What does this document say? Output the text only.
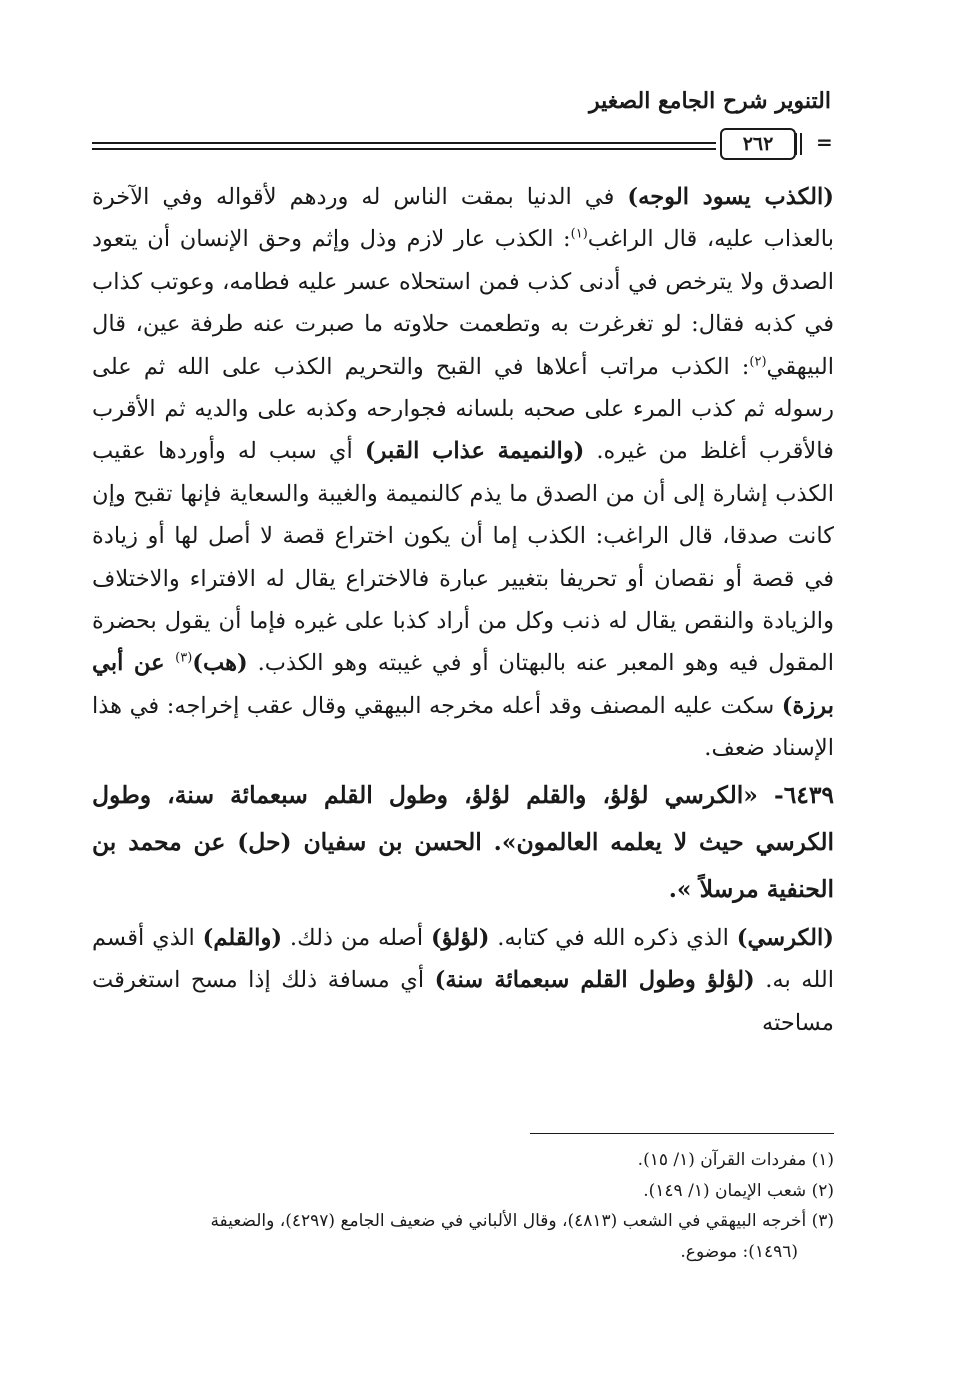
التنوير شرح الجامع الصغير
٢٦٢ =

(الكذب يسود الوجه) في الدنيا بمقت الناس له وردهم لأقواله وفي الآخرة بالعذاب عليه، قال الراغب$^{(١)}$: الكذب عار لازم وذل وإثم وحق الإنسان أن يتعود الصدق ولا يترخص في أدنى كذب فمن استحلاه عسر عليه فطامه، وعوتب كذاب في كذبه فقال: لو تغرغرت به وتطعمت حلاوته ما صبرت عنه طرفة عين، قال البيهقي$^{(٢)}$: الكذب مراتب أعلاها في القبح والتحريم الكذب على الله ثم على رسوله ثم كذب المرء على صحبه بلسانه فجوارحه وكذبه على والديه ثم الأقرب فالأقرب أغلظ من غيره. (والنميمة عذاب القبر) أي سبب له وأوردها عقيب الكذب إشارة إلى أن من الصدق ما يذم كالنميمة والغيبة والسعاية فإنها تقبح وإن كانت صدقا، قال الراغب: الكذب إما أن يكون اختراع قصة لا أصل لها أو زيادة في قصة أو نقصان أو تحريفا بتغيير عبارة فالاختراع يقال له الافتراء والاختلاف والزيادة والنقص يقال له ذنب وكل من أراد كذبا على غيره فإما أن يقول بحضرة المقول فيه وهو المعبر عنه بالبهتان أو في غيبته وهو الكذب. (هب)$^{(٣)}$ عن أبي برزة) سكت عليه المصنف وقد أعله مخرجه البيهقي وقال عقب إخراجه: في هذا الإسناد ضعف.

٦٤٣٩- «الكرسي لؤلؤ، والقلم لؤلؤ، وطول القلم سبعمائة سنة، وطول الكرسي حيث لا يعلمه العالمون». الحسن بن سفيان (حل) عن محمد بن الحنفية مرسلاً ».

(الكرسي) الذي ذكره الله في كتابه. (لؤلؤ) أصله من ذلك. (والقلم) الذي أقسم الله به. (لؤلؤ وطول القلم سبعمائة سنة) أي مسافة ذلك إذا مسح استغرقت مساحته

(١) مفردات القرآن (١/ ١٥).

(٢) شعب الإيمان (١/ ١٤٩).

(٣) أخرجه البيهقي في الشعب (٤٨١٣)، وقال الألباني في ضعيف الجامع (٤٢٩٧)، والضعيفة

(١٤٩٦): موضوع.
